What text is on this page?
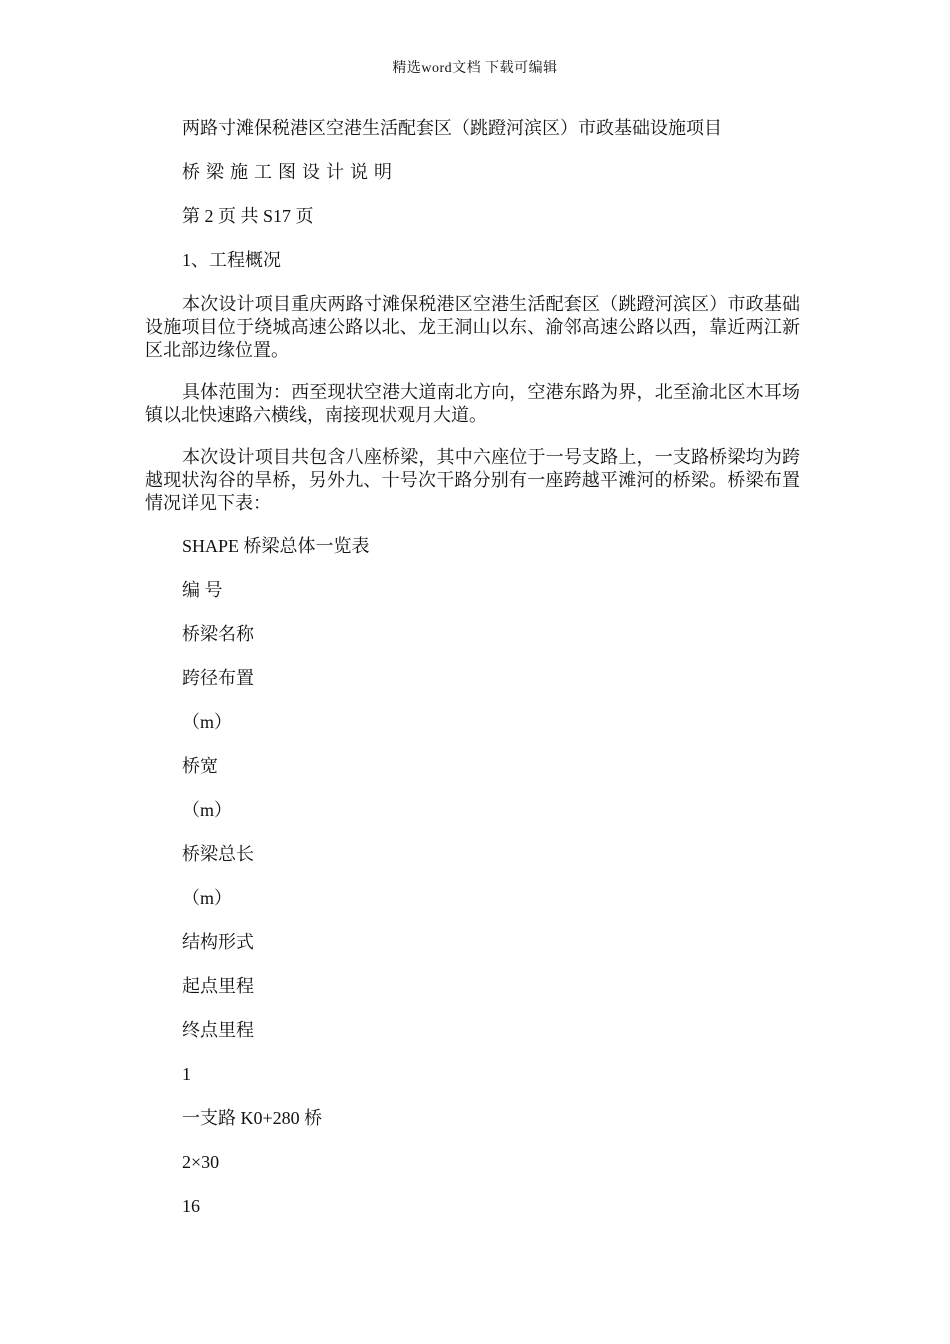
精选word文档 下载可编辑
两路寸滩保税港区空港生活配套区（跳蹬河滨区）市政基础设施项目
桥梁施工图设计说明
第 2 页 共 S17 页
1、工程概况
本次设计项目重庆两路寸滩保税港区空港生活配套区（跳蹬河滨区）市政基础设施项目位于绕城高速公路以北、龙王洞山以东、渝邻高速公路以西，靠近两江新区北部边缘位置。
具体范围为：西至现状空港大道南北方向，空港东路为界，北至渝北区木耳场镇以北快速路六横线，南接现状观月大道。
本次设计项目共包含八座桥梁，其中六座位于一号支路上，一支路桥梁均为跨越现状沟谷的旱桥，另外九、十号次干路分别有一座跨越平滩河的桥梁。桥梁布置情况详见下表：
SHAPE 桥梁总体一览表
编 号
桥梁名称
跨径布置
（m）
桥宽
（m）
桥梁总长
（m）
结构形式
起点里程
终点里程
1
一支路 K0+280 桥
2×30
16
